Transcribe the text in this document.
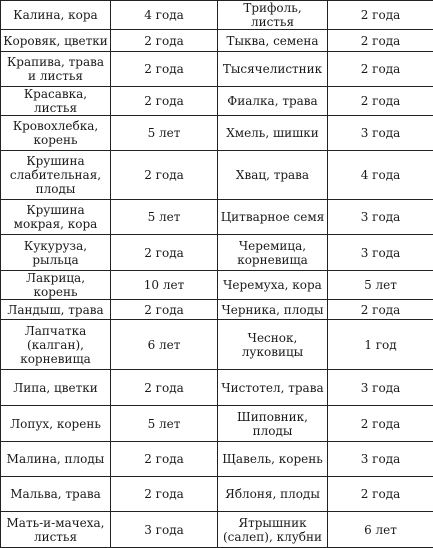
Калина, кора	4 года	Трифоль, листья	2 года
Коровяк, цветки	2 года	Тыква, семена	2 года
Крапива, трава и листья	2 года	Тысячелистник	2 года
Красавка, листья	2 года	Фиалка, трава	2 года
Кровохлебка, корень	5 лет	Хмель, шишки	3 года
Крушина слабительная, плоды	2 года	Хвац, трава	4 года
Крушина мокрая, кора	5 лет	Цитварное семя	3 года
Кукуруза, рыльца	2 года	Черемица, корневища	3 года
Лакрица, корень	10 лет	Черемуха, кора	5 лет
Ландыш, трава	2 года	Черника, плоды	2 года
Лапчатка (калган), корневища	6 лет	Чеснок, луковицы	1 год
Липа, цветки	2 года	Чистотел, трава	3 года
Лопух, корень	5 лет	Шиповник, плоды	2 года
Малина, плоды	2 года	Щавель, корень	3 года
Мальва, трава	2 года	Яблоня, плоды	2 года
Мать-и-мачеха, листья	3 года	Ятрышник (салеп), клубни	6 лет
